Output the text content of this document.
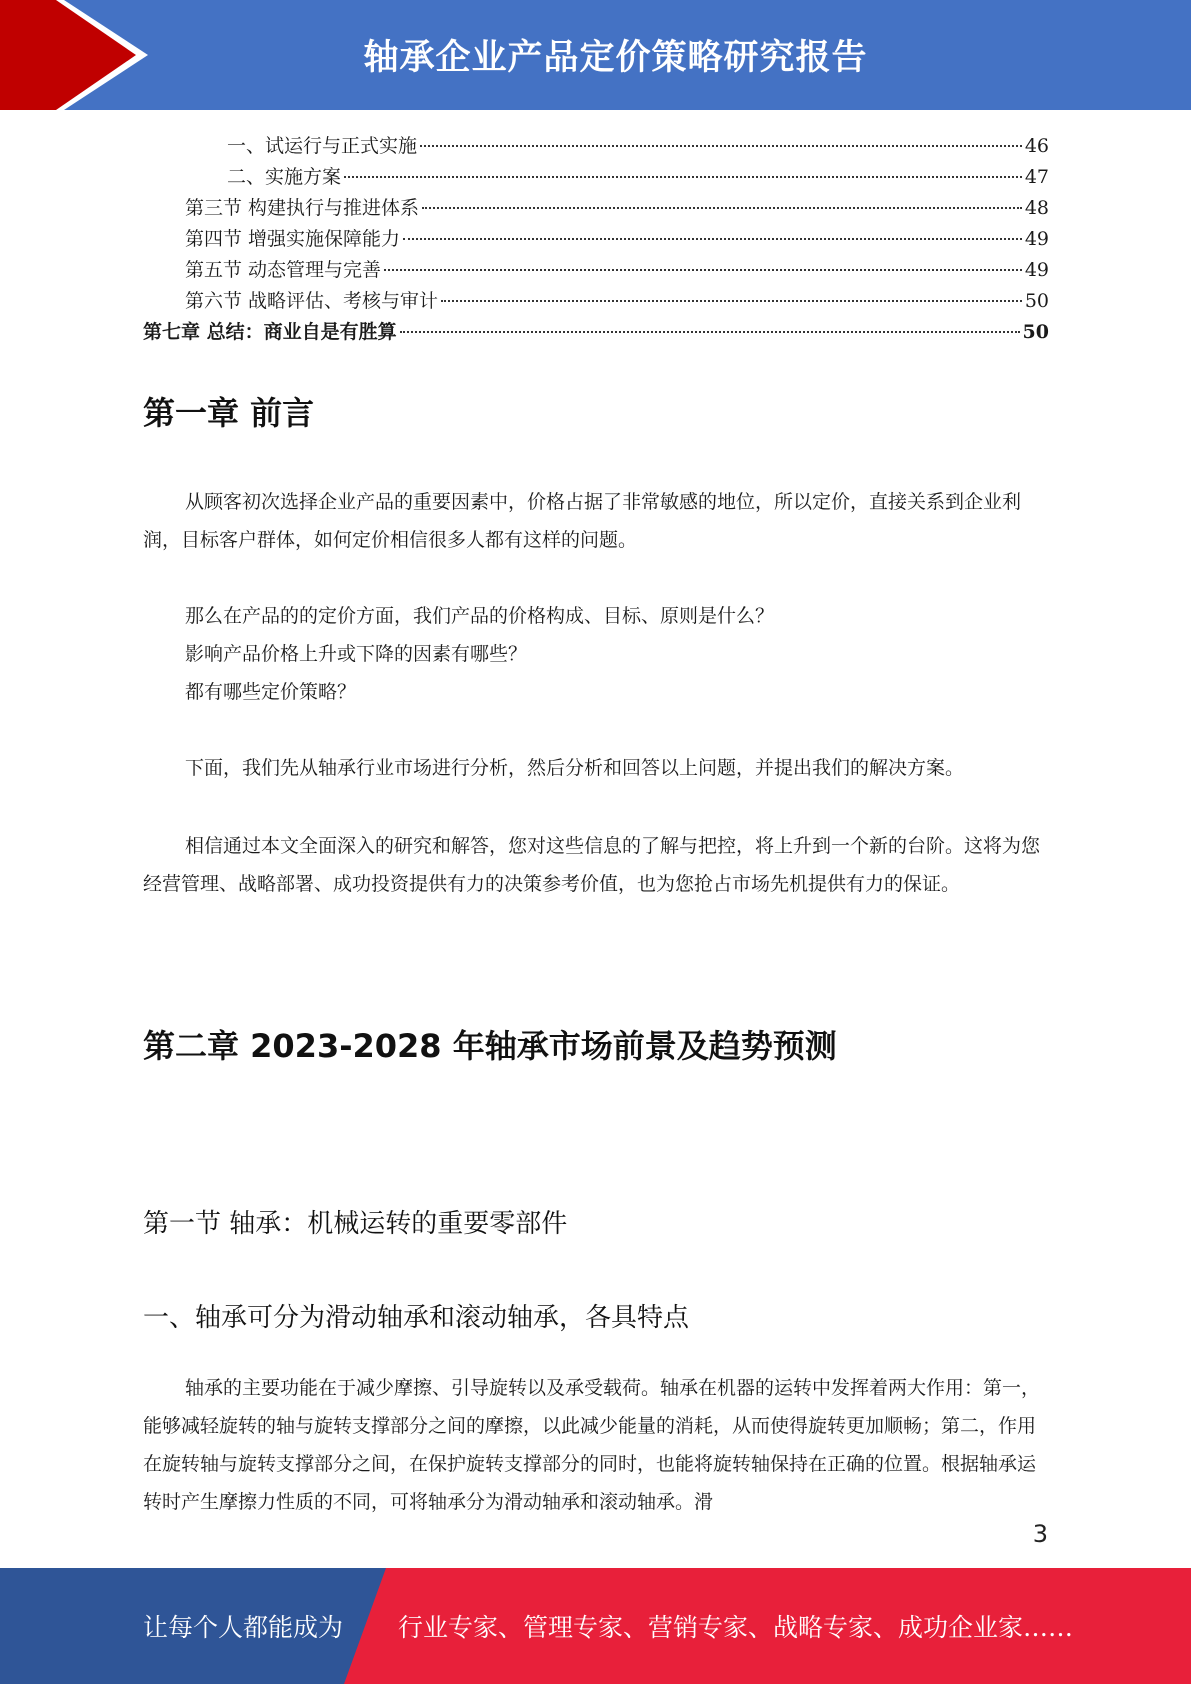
轴承企业产品定价策略研究报告
一、试运行与正式实施	46
二、实施方案	47
第三节 构建执行与推进体系	48
第四节 增强实施保障能力	49
第五节 动态管理与完善	49
第六节 战略评估、考核与审计	50
第七章 总结：商业自是有胜算	50
第一章 前言

从顾客初次选择企业产品的重要因素中，价格占据了非常敏感的地位，所以定价，直接关系到企业利润，目标客户群体，如何定价相信很多人都有这样的问题。

那么在产品的的定价方面，我们产品的价格构成、目标、原则是什么？

影响产品价格上升或下降的因素有哪些？

都有哪些定价策略？

下面，我们先从轴承行业市场进行分析，然后分析和回答以上问题，并提出我们的解决方案。

相信通过本文全面深入的研究和解答，您对这些信息的了解与把控，将上升到一个新的台阶。这将为您经营管理、战略部署、成功投资提供有力的决策参考价值，也为您抢占市场先机提供有力的保证。

第二章 2023-2028 年轴承市场前景及趋势预测
第一节 轴承：机械运转的重要零部件
一、轴承可分为滑动轴承和滚动轴承，各具特点

轴承的主要功能在于减少摩擦、引导旋转以及承受载荷。轴承在机器的运转中发挥着两大作用：第一，能够减轻旋转的轴与旋转支撑部分之间的摩擦，以此减少能量的消耗，从而使得旋转更加顺畅；第二，作用在旋转轴与旋转支撑部分之间，在保护旋转支撑部分的同时，也能将旋转轴保持在正确的位置。根据轴承运转时产生摩擦力性质的不同，可将轴承分为滑动轴承和滚动轴承。滑

3
让每个人都能成为 行业专家、管理专家、营销专家、战略专家、成功企业家……
